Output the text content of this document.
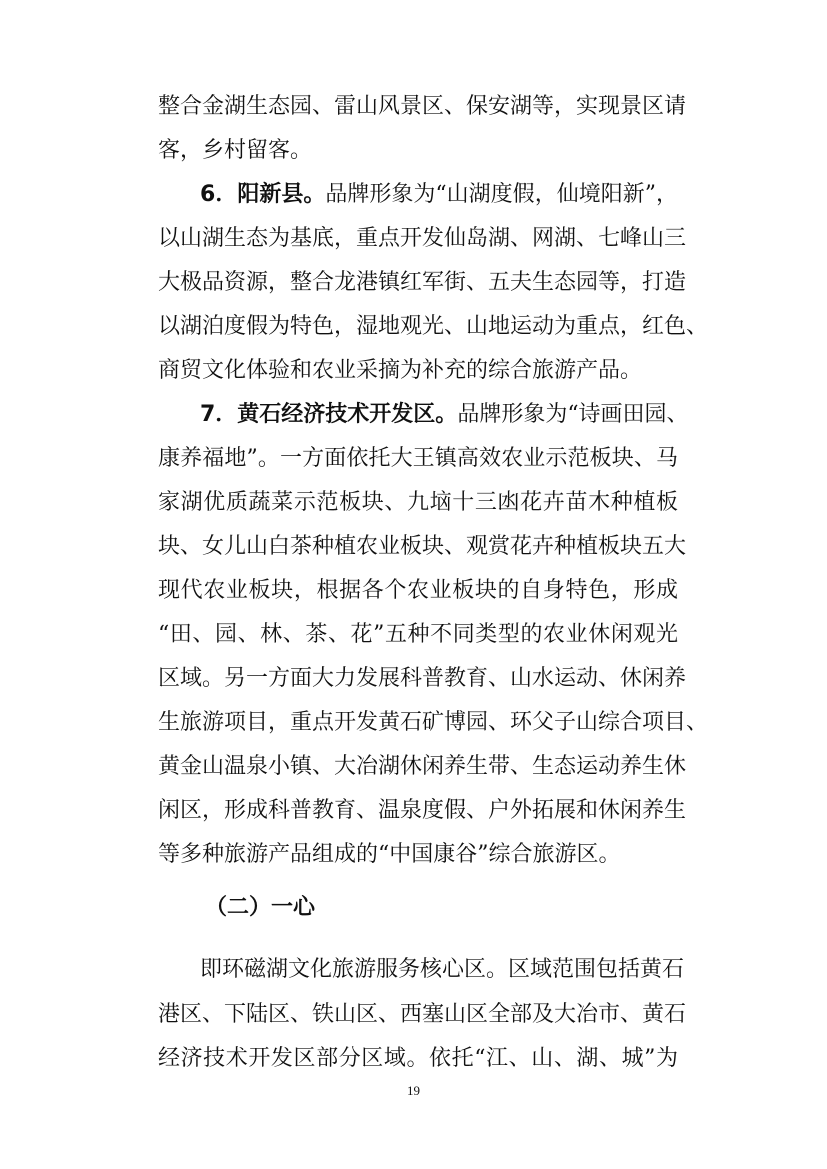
整合金湖生态园、雷山风景区、保安湖等，实现景区请
客，乡村留客。
6．阳新县。品牌形象为“山湖度假，仙境阳新”，
以山湖生态为基底，重点开发仙岛湖、网湖、七峰山三
大极品资源，整合龙港镇红军街、五夫生态园等，打造
以湖泊度假为特色，湿地观光、山地运动为重点，红色、
商贸文化体验和农业采摘为补充的综合旅游产品。
7．黄石经济技术开发区。品牌形象为“诗画田园、
康养福地”。一方面依托大王镇高效农业示范板块、马
家湖优质蔬菜示范板块、九垴十三凼花卉苗木种植板
块、女儿山白茶种植农业板块、观赏花卉种植板块五大
现代农业板块，根据各个农业板块的自身特色，形成
“田、园、林、茶、花”五种不同类型的农业休闲观光
区域。另一方面大力发展科普教育、山水运动、休闲养
生旅游项目，重点开发黄石矿博园、环父子山综合项目、
黄金山温泉小镇、大冶湖休闲养生带、生态运动养生休
闲区，形成科普教育、温泉度假、户外拓展和休闲养生
等多种旅游产品组成的“中国康谷”综合旅游区。
（二）一心
即环磁湖文化旅游服务核心区。区域范围包括黄石
港区、下陆区、铁山区、西塞山区全部及大冶市、黄石
经济技术开发区部分区域。依托“江、山、湖、城”为
19
